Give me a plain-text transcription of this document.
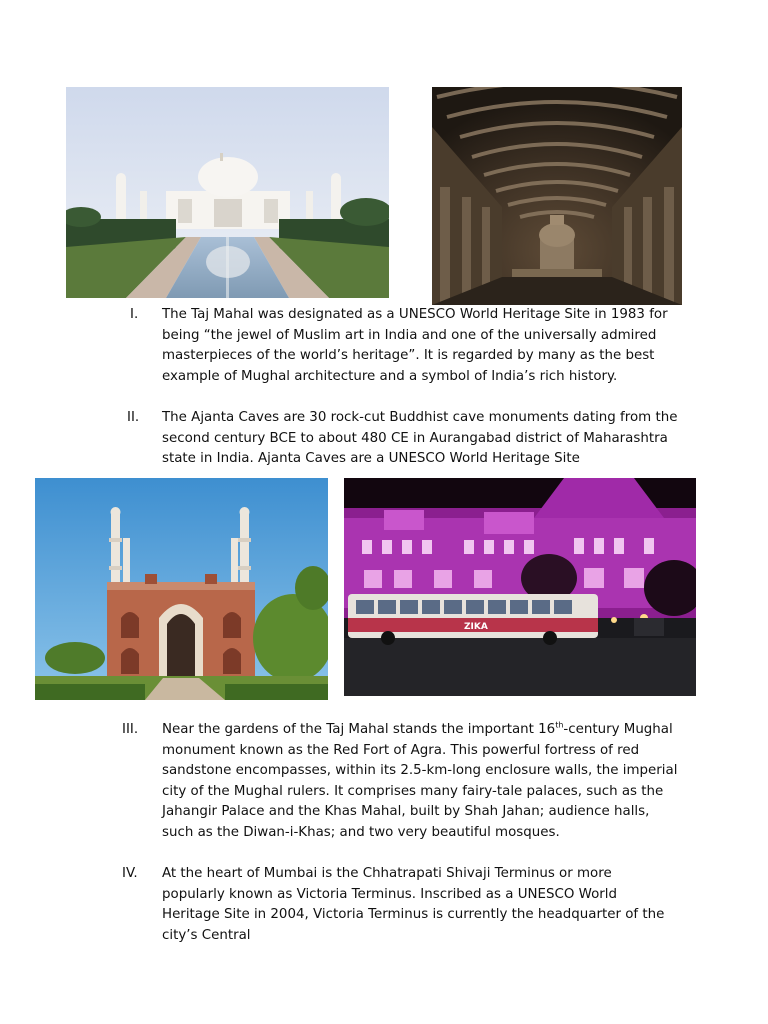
I.	The Taj Mahal was designated as a UNESCO World Heritage Site in 1983 for being “the jewel of Muslim art in India and one of the universally admired masterpieces of the world’s heritage”. It is regarded by many as the best example of Mughal architecture and a symbol of India’s rich history.
II.	The Ajanta Caves are 30 rock-cut Buddhist cave monuments dating from the second century BCE to about 480 CE in Aurangabad district of Maharashtra state in India. Ajanta Caves are a UNESCO World Heritage Site
ZIKA
III.	Near the gardens of the Taj Mahal stands the important 16th-century Mughal monument known as the Red Fort of Agra. This powerful fortress of red sandstone encompasses, within its 2.5-km-long enclosure walls, the imperial city of the Mughal rulers. It comprises many fairy-tale palaces, such as the Jahangir Palace and the Khas Mahal, built by Shah Jahan; audience halls, such as the Diwan-i-Khas; and two very beautiful mosques.
IV.	At the heart of Mumbai is the Chhatrapati Shivaji Terminus or more popularly known as Victoria Terminus. Inscribed as a UNESCO World Heritage Site in 2004, Victoria Terminus is currently the headquarter of the city’s Central
